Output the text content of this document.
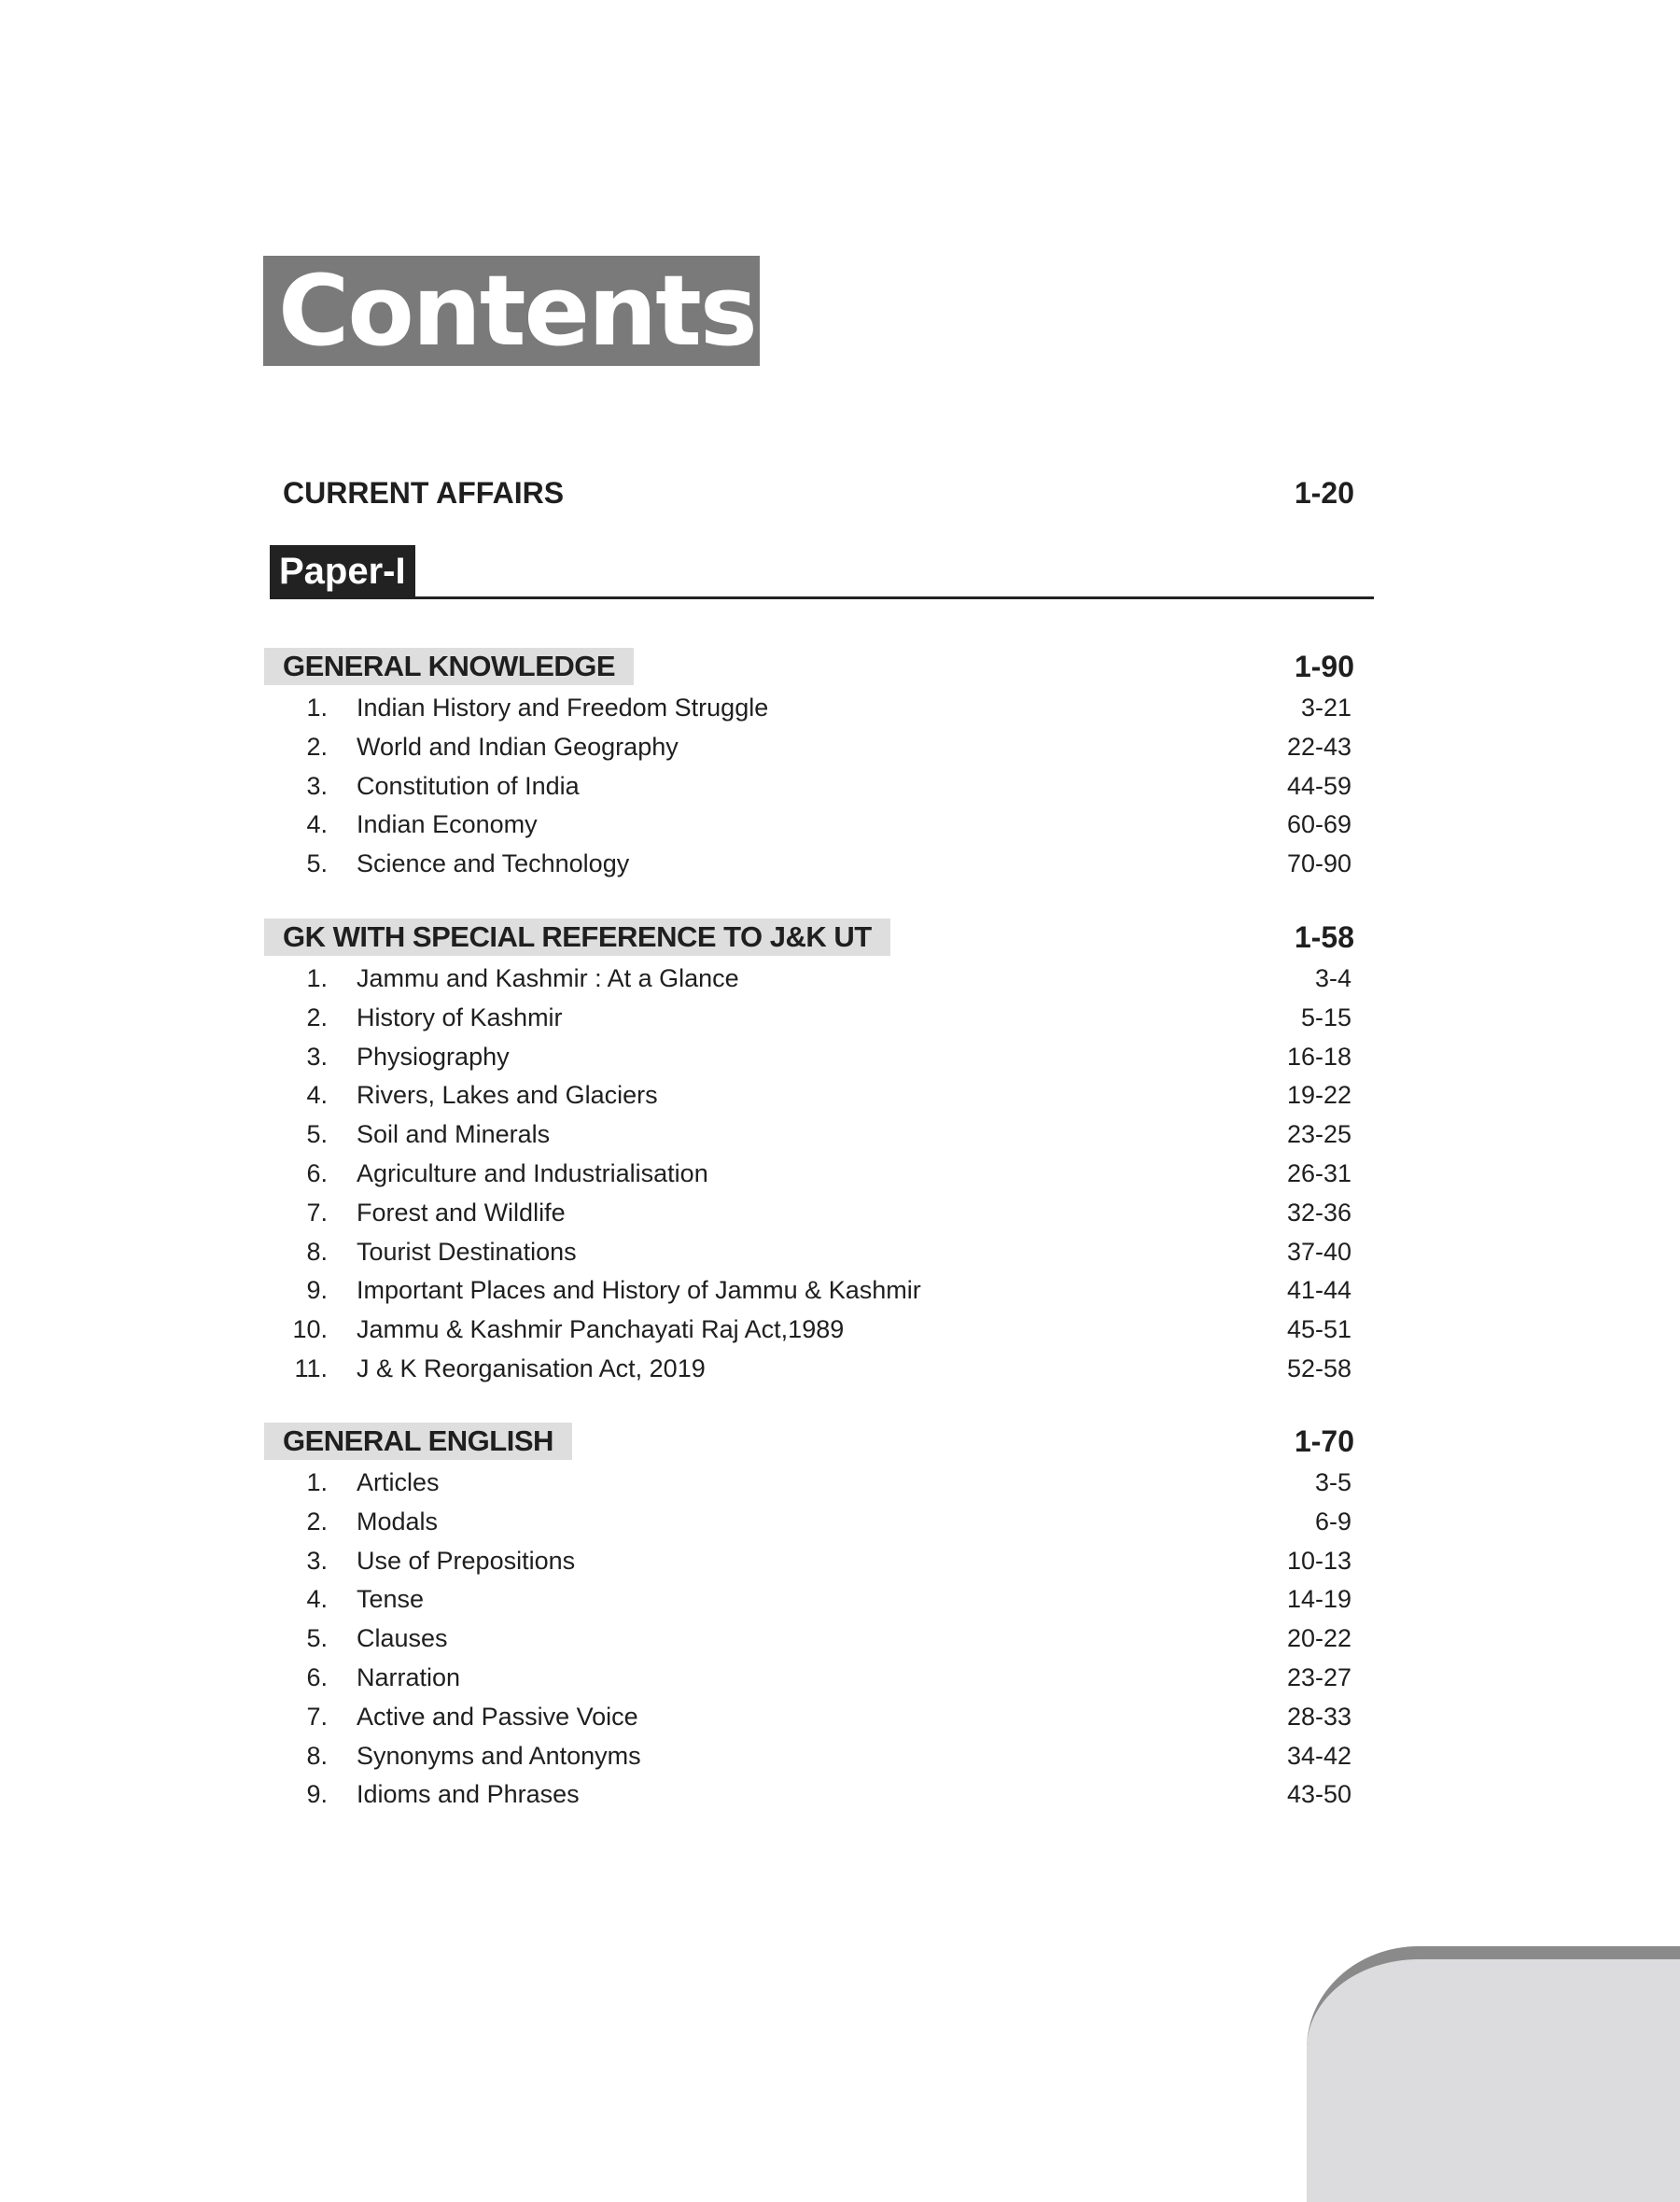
Contents
CURRENT AFFAIRS	1-20
Paper-I
GENERAL KNOWLEDGE	1-90
1. Indian History and Freedom Struggle	3-21
2. World and Indian Geography	22-43
3. Constitution of India	44-59
4. Indian Economy	60-69
5. Science and Technology	70-90
GK WITH SPECIAL REFERENCE TO J&K UT	1-58
1. Jammu and Kashmir : At a Glance	3-4
2. History of Kashmir	5-15
3. Physiography	16-18
4. Rivers, Lakes and Glaciers	19-22
5. Soil and Minerals	23-25
6. Agriculture and Industrialisation	26-31
7. Forest and Wildlife	32-36
8. Tourist Destinations	37-40
9. Important Places and History of Jammu & Kashmir	41-44
10. Jammu & Kashmir Panchayati Raj Act,1989	45-51
11. J & K Reorganisation Act, 2019	52-58
GENERAL ENGLISH	1-70
1. Articles	3-5
2. Modals	6-9
3. Use of Prepositions	10-13
4. Tense	14-19
5. Clauses	20-22
6. Narration	23-27
7. Active and Passive Voice	28-33
8. Synonyms and Antonyms	34-42
9. Idioms and Phrases	43-50
